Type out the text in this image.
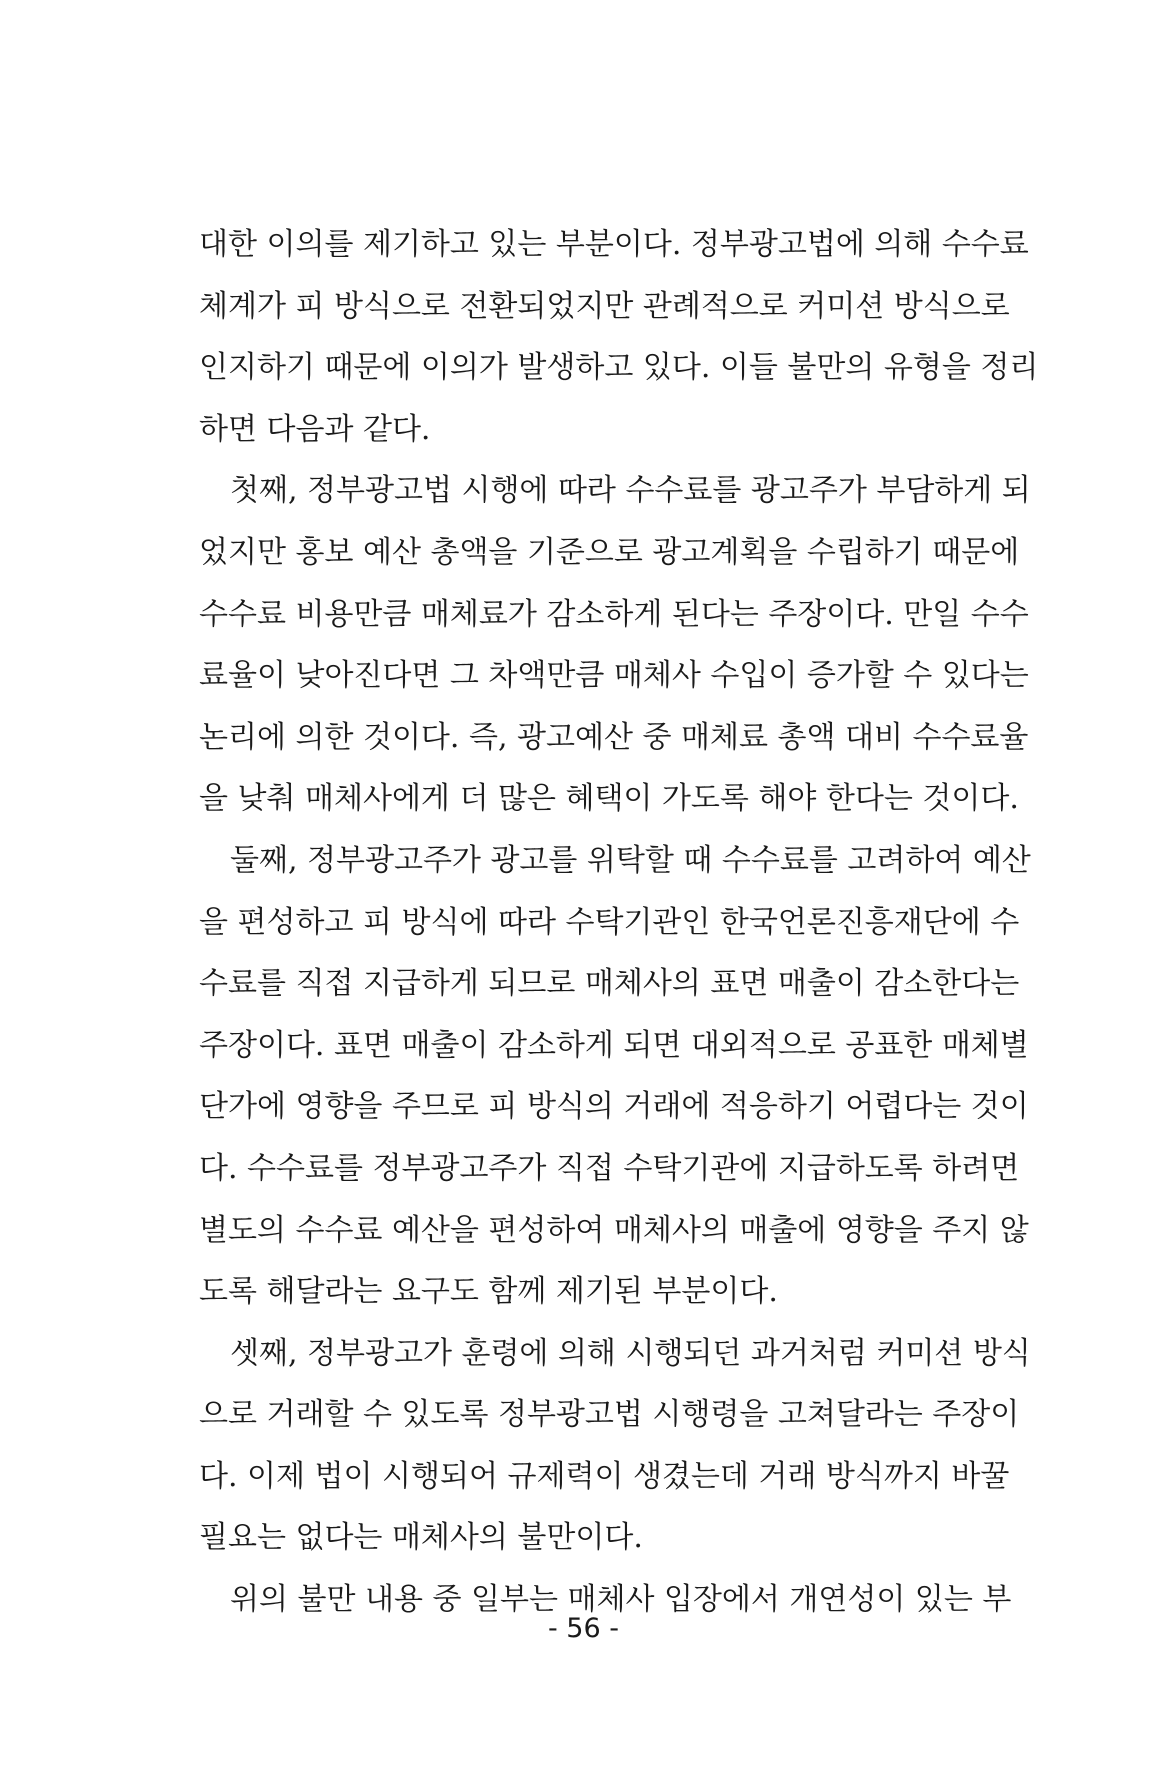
대한 이의를 제기하고 있는 부분이다. 정부광고법에 의해 수수료
체계가 피 방식으로 전환되었지만 관례적으로 커미션 방식으로
인지하기 때문에 이의가 발생하고 있다. 이들 불만의 유형을 정리
하면 다음과 같다.
첫째, 정부광고법 시행에 따라 수수료를 광고주가 부담하게 되
었지만 홍보 예산 총액을 기준으로 광고계획을 수립하기 때문에
수수료 비용만큼 매체료가 감소하게 된다는 주장이다. 만일 수수
료율이 낮아진다면 그 차액만큼 매체사 수입이 증가할 수 있다는
논리에 의한 것이다. 즉, 광고예산 중 매체료 총액 대비 수수료율
을 낮춰 매체사에게 더 많은 혜택이 가도록 해야 한다는 것이다.
둘째, 정부광고주가 광고를 위탁할 때 수수료를 고려하여 예산
을 편성하고 피 방식에 따라 수탁기관인 한국언론진흥재단에 수
수료를 직접 지급하게 되므로 매체사의 표면 매출이 감소한다는
주장이다. 표면 매출이 감소하게 되면 대외적으로 공표한 매체별
단가에 영향을 주므로 피 방식의 거래에 적응하기 어렵다는 것이
다. 수수료를 정부광고주가 직접 수탁기관에 지급하도록 하려면
별도의 수수료 예산을 편성하여 매체사의 매출에 영향을 주지 않
도록 해달라는 요구도 함께 제기된 부분이다.
셋째, 정부광고가 훈령에 의해 시행되던 과거처럼 커미션 방식
으로 거래할 수 있도록 정부광고법 시행령을 고쳐달라는 주장이
다. 이제 법이 시행되어 규제력이 생겼는데 거래 방식까지 바꿀
필요는 없다는 매체사의 불만이다.
위의 불만 내용 중 일부는 매체사 입장에서 개연성이 있는 부
- 56 -
